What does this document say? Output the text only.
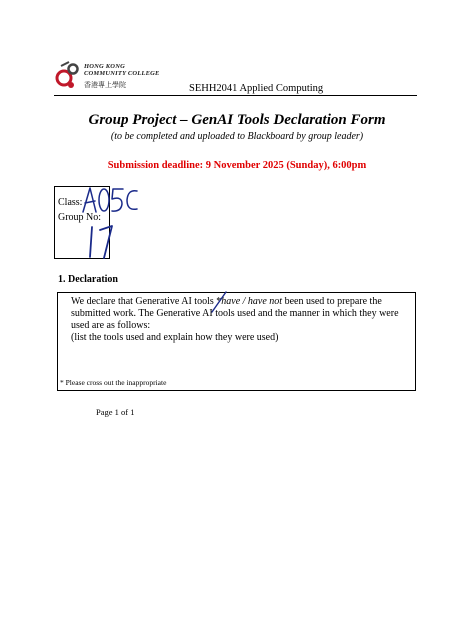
HONG KONG
COMMUNITY COLLEGE
香港專上學院	SEHH2041 Applied Computing
Group Project – GenAI Tools Declaration Form
(to be completed and uploaded to Blackboard by group leader)
Submission deadline: 9 November 2025 (Sunday), 6:00pm
Class:
Group No:
1. Declaration
We declare that Generative AI tools *have / have not been used to prepare the submitted work. The Generative AI tools used and the manner in which they were used are as follows:
(list the tools used and explain how they were used)
* Please cross out the inappropriate
Page 1 of 1
